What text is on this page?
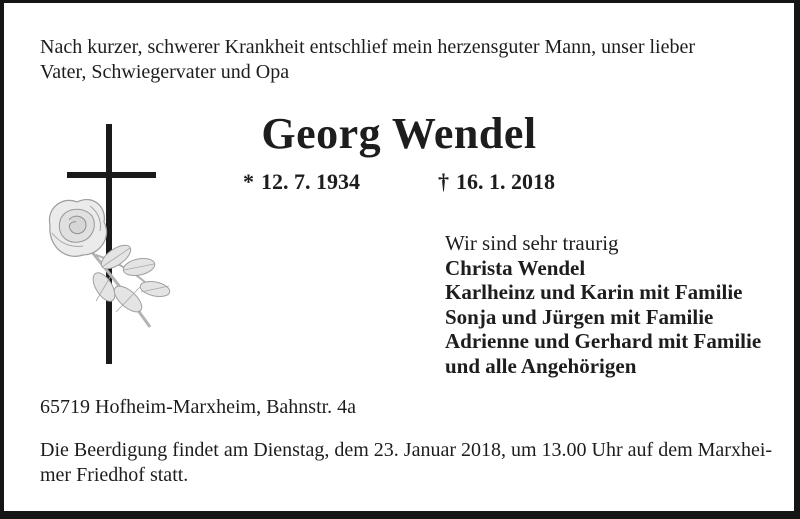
Nach kurzer, schwerer Krankheit entschlief mein herzensguter Mann, unser lieber
Vater, Schwiegervater und Opa
Georg Wendel
* 12. 7. 1934	† 16. 1. 2018
Wir sind sehr traurig
Christa Wendel
Karlheinz und Karin mit Familie
Sonja und Jürgen mit Familie
Adrienne und Gerhard mit Familie
und alle Angehörigen
65719 Hofheim-Marxheim, Bahnstr. 4a
Die Beerdigung findet am Dienstag, dem 23. Januar 2018, um 13.00 Uhr auf dem Marxhei-
mer Friedhof statt.
